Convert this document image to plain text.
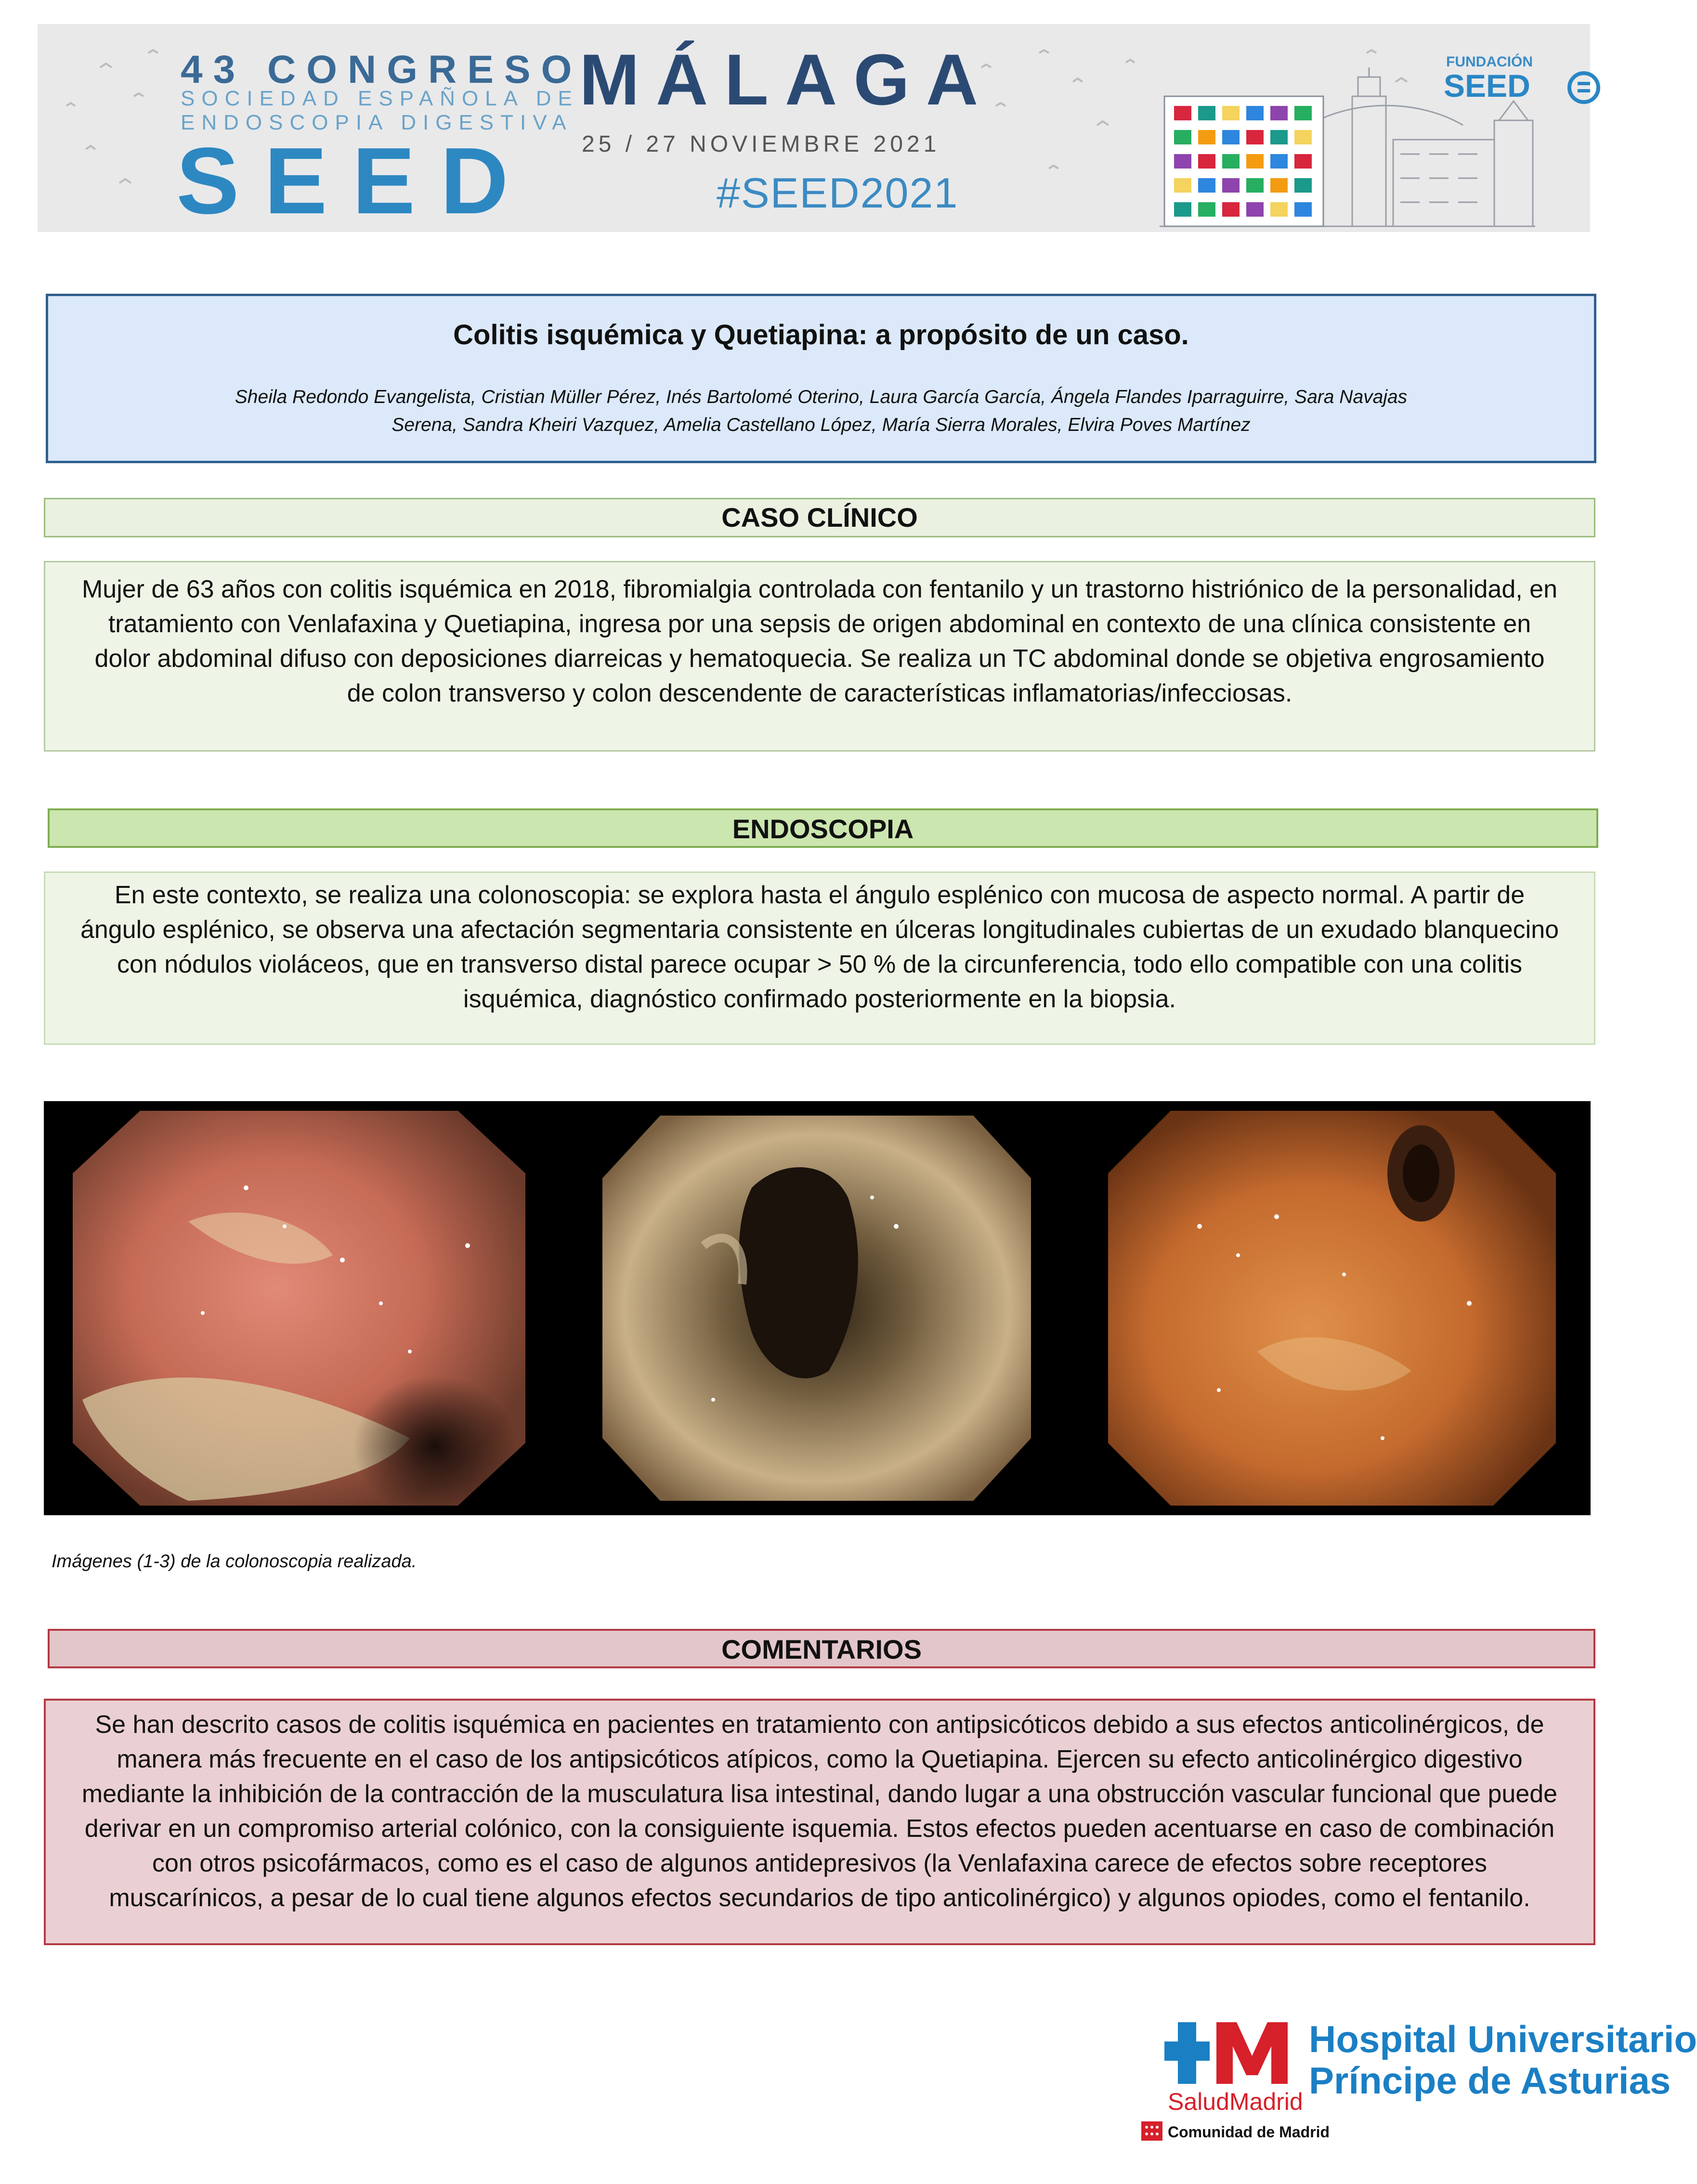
43 CONGRESO
SOCIEDAD ESPAÑOLA DE
ENDOSCOPIA DIGESTIVA
SEED
MÁLAGA
25 / 27 NOVIEMBRE 2021
#SEED2021
FUNDACIÓN
SEED
Colitis isquémica y Quetiapina: a propósito de un caso.
Sheila Redondo Evangelista, Cristian Müller Pérez, Inés Bartolomé Oterino, Laura García García, Ángela Flandes Iparraguirre, Sara Navajas Serena, Sandra Kheiri Vazquez, Amelia Castellano López, María Sierra Morales, Elvira Poves Martínez
CASO CLÍNICO
Mujer de 63 años con colitis isquémica en 2018, fibromialgia controlada con fentanilo y un trastorno histriónico de la personalidad, en tratamiento con Venlafaxina y Quetiapina, ingresa por una sepsis de origen abdominal en contexto de una clínica consistente en dolor abdominal difuso con deposiciones diarreicas y hematoquecia. Se realiza un TC abdominal donde se objetiva engrosamiento de colon transverso y colon descendente de características inflamatorias/infecciosas.
ENDOSCOPIA
En este contexto, se realiza una colonoscopia: se explora hasta el ángulo esplénico con mucosa de aspecto normal. A partir de ángulo esplénico, se observa una afectación segmentaria consistente en úlceras longitudinales cubiertas de un exudado blanquecino con nódulos violáceos, que en transverso distal parece ocupar > 50 % de la circunferencia, todo ello compatible con una colitis isquémica, diagnóstico confirmado posteriormente en la biopsia.
Imágenes (1-3) de la colonoscopia realizada.
COMENTARIOS
Se han descrito casos de colitis isquémica en pacientes en tratamiento con antipsicóticos debido a sus efectos anticolinérgicos, de manera más frecuente en el caso de los antipsicóticos atípicos, como la Quetiapina. Ejercen su efecto anticolinérgico digestivo mediante la inhibición de la contracción de la musculatura lisa intestinal, dando lugar a una obstrucción vascular funcional que puede derivar en un compromiso arterial colónico, con la consiguiente isquemia. Estos efectos pueden acentuarse en caso de combinación con otros psicofármacos, como es el caso de algunos antidepresivos (la Venlafaxina carece de efectos sobre receptores muscarínicos, a pesar de lo cual tiene algunos efectos secundarios de tipo anticolinérgico) y algunos opiodes, como el fentanilo.
Hospital Universitario
Príncipe de Asturias
SaludMadrid
Comunidad de Madrid
